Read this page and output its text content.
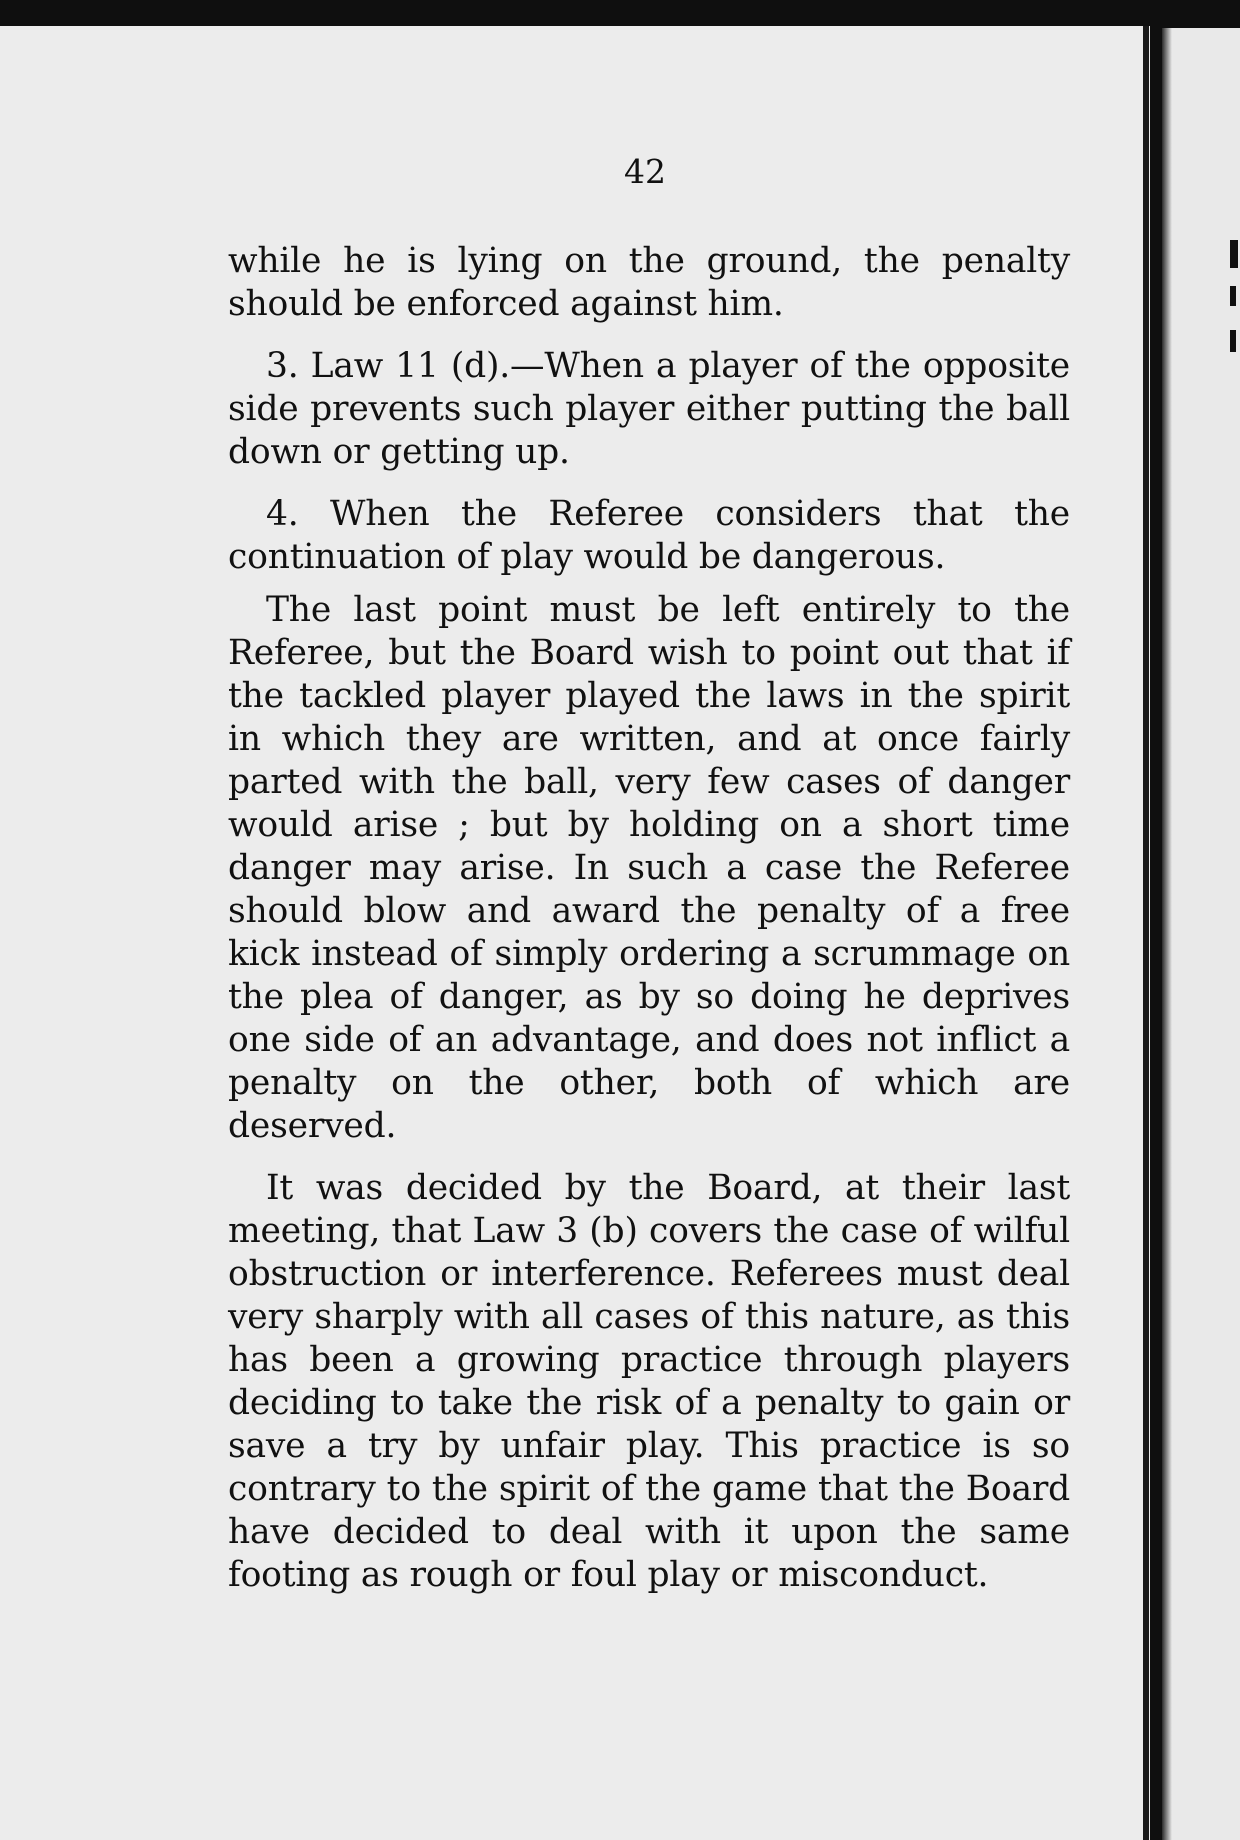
42

while he is lying on the ground, the penalty should be enforced against him.

3. Law 11 (d).—When a player of the opposite side prevents such player either putting the ball down or getting up.

4. When the Referee considers that the continuation of play would be dangerous.

The last point must be left entirely to the Referee, but the Board wish to point out that if the tackled player played the laws in the spirit in which they are written, and at once fairly parted with the ball, very few cases of danger would arise ; but by holding on a short time danger may arise. In such a case the Referee should blow and award the penalty of a free kick instead of simply ordering a scrummage on the plea of danger, as by so doing he deprives one side of an advantage, and does not inflict a penalty on the other, both of which are deserved.

It was decided by the Board, at their last meeting, that Law 3 (b) covers the case of wilful obstruction or interference. Referees must deal very sharply with all cases of this nature, as this has been a growing practice through players deciding to take the risk of a penalty to gain or save a try by unfair play. This practice is so contrary to the spirit of the game that the Board have decided to deal with it upon the same footing as rough or foul play or misconduct.
